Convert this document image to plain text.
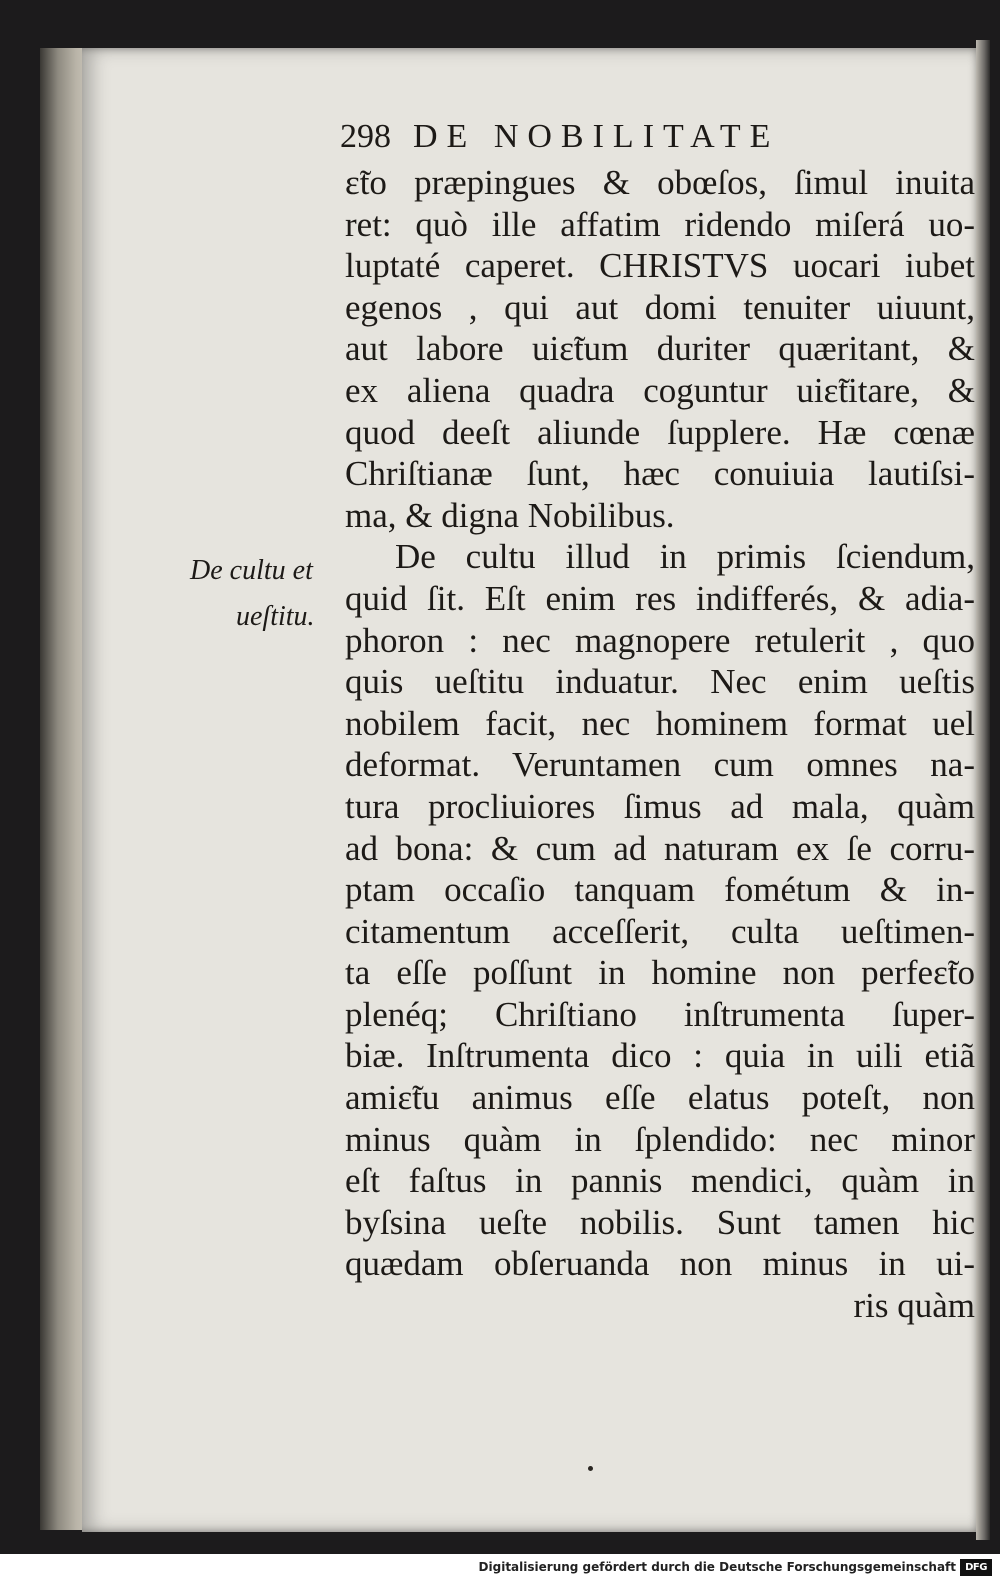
298 DE NOBILITATE
De cultu et
ueſtitu.
ɛ̃to præpingues & obœſos, ſimul inuita
ret: quò ille affatim ridendo miſerá uo-
luptaté caperet. CHRISTVS uocari iubet
egenos , qui aut domi tenuiter uiuunt,
aut labore uiɛ̃tum duriter quæritant, &
ex aliena quadra coguntur uiɛ̃titare, &
quod deeſt aliunde ſupplere. Hæ cœnæ
Chriſtianæ ſunt, hæc conuiuia lautiſsi-
ma, & digna Nobilibus.
De cultu illud in primis ſciendum,
quid ſit. Eſt enim res indifferés, & adia-
phoron : nec magnopere retulerit , quo
quis ueſtitu induatur. Nec enim ueſtis
nobilem facit, nec hominem format uel
deformat. Veruntamen cum omnes na-
tura procliuiores ſimus ad mala, quàm
ad bona: & cum ad naturam ex ſe corru-
ptam occaſio tanquam fométum & in-
citamentum acceſſerit, culta ueſtimen-
ta eſſe poſſunt in homine non perfeɛ̃to
plenéq; Chriſtiano inſtrumenta ſuper-
biæ. Inſtrumenta dico : quia in uili etiã
amiɛ̃tu animus eſſe elatus poteſt, non
minus quàm in ſplendido: nec minor
eſt faſtus in pannis mendici, quàm in
byſsina ueſte nobilis. Sunt tamen hic
quædam obſeruanda non minus in ui-
ris quàm
Digitalisierung gefördert durch die Deutsche Forschungsgemeinschaft DFG
